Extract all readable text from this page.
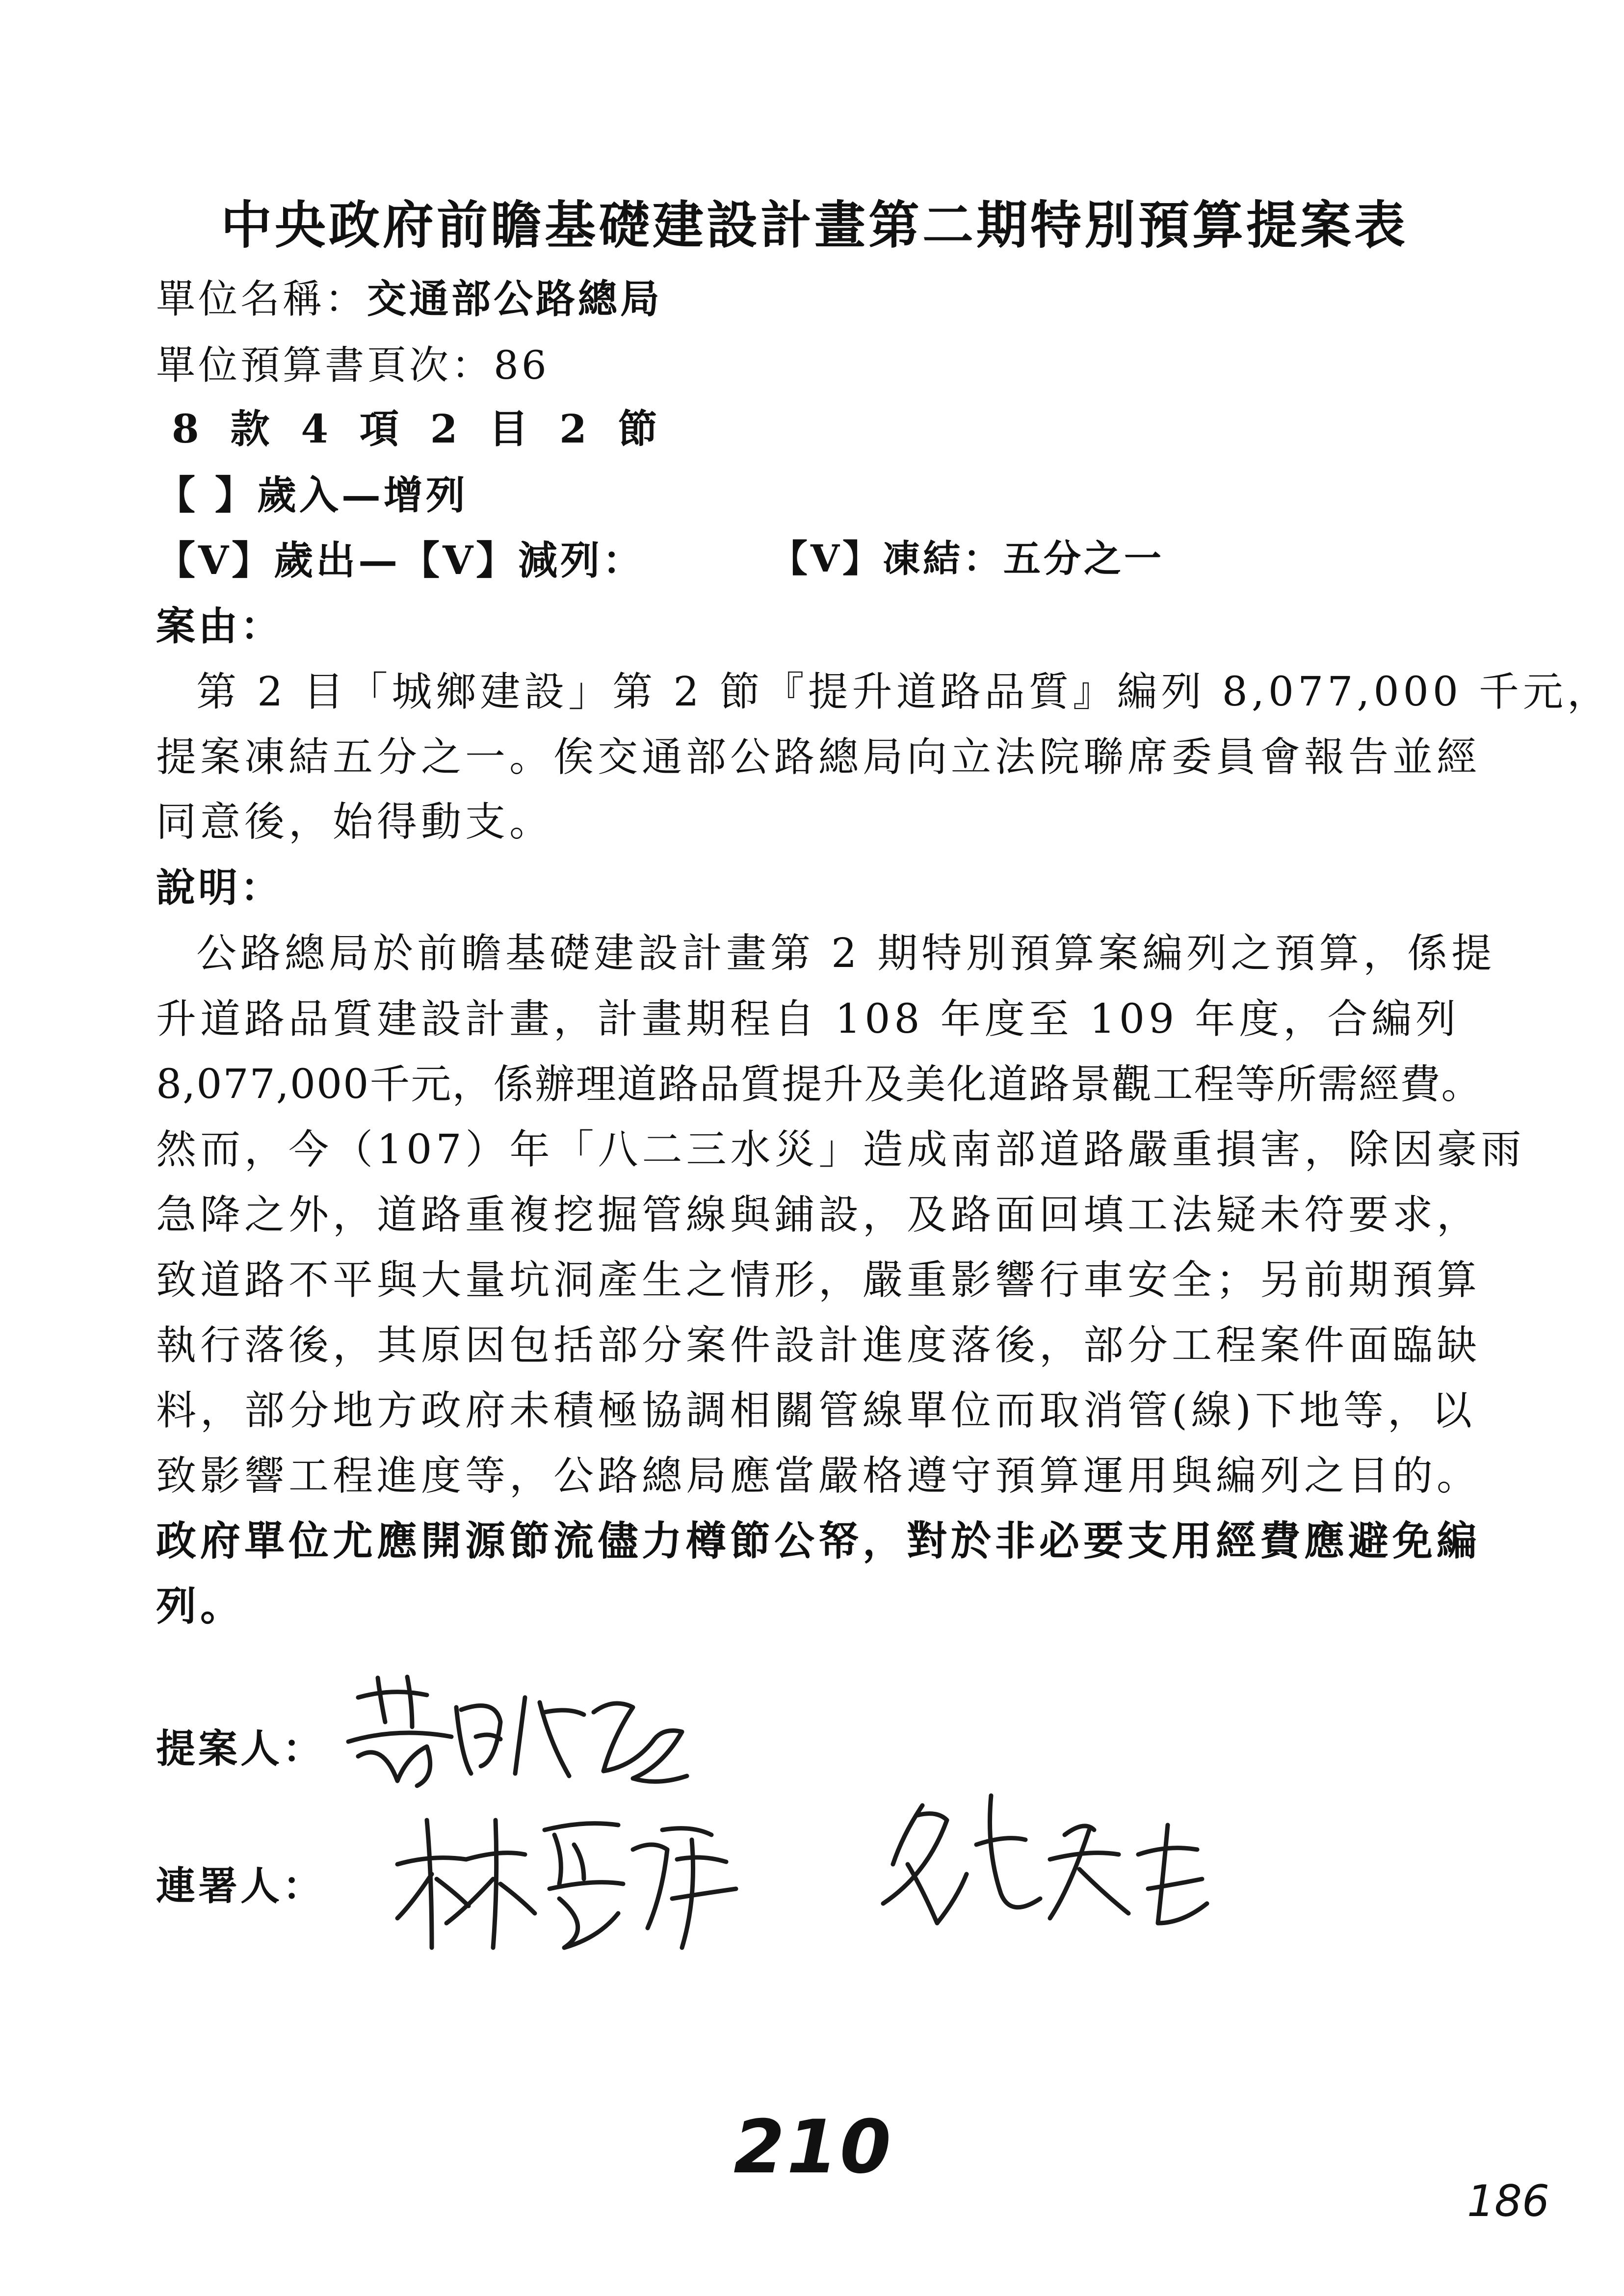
中央政府前瞻基礎建設計畫第二期特別預算提案表
單位名稱：交通部公路總局
單位預算書頁次：86
8 款 4 項 2 目 2 節
【 】歲入—增列
【V】歲出—【V】減列：	【V】凍結：五分之一
案由：
第 2 目「城鄉建設」第 2 節『提升道路品質』編列 8,077,000 千元，
提案凍結五分之一。俟交通部公路總局向立法院聯席委員會報告並經
同意後，始得動支。
說明：
公路總局於前瞻基礎建設計畫第 2 期特別預算案編列之預算，係提
升道路品質建設計畫，計畫期程自 108 年度至 109 年度，合編列
8,077,000千元，係辦理道路品質提升及美化道路景觀工程等所需經費。
然而，今（107）年「八二三水災」造成南部道路嚴重損害，除因豪雨
急降之外，道路重複挖掘管線與鋪設，及路面回填工法疑未符要求，
致道路不平與大量坑洞產生之情形，嚴重影響行車安全；另前期預算
執行落後，其原因包括部分案件設計進度落後，部分工程案件面臨缺
料，部分地方政府未積極協調相關管線單位而取消管(線)下地等，以
致影響工程進度等，公路總局應當嚴格遵守預算運用與編列之目的。
政府單位尤應開源節流儘力樽節公帑，對於非必要支用經費應避免編
列。
提案人：
連署人：
210
186
